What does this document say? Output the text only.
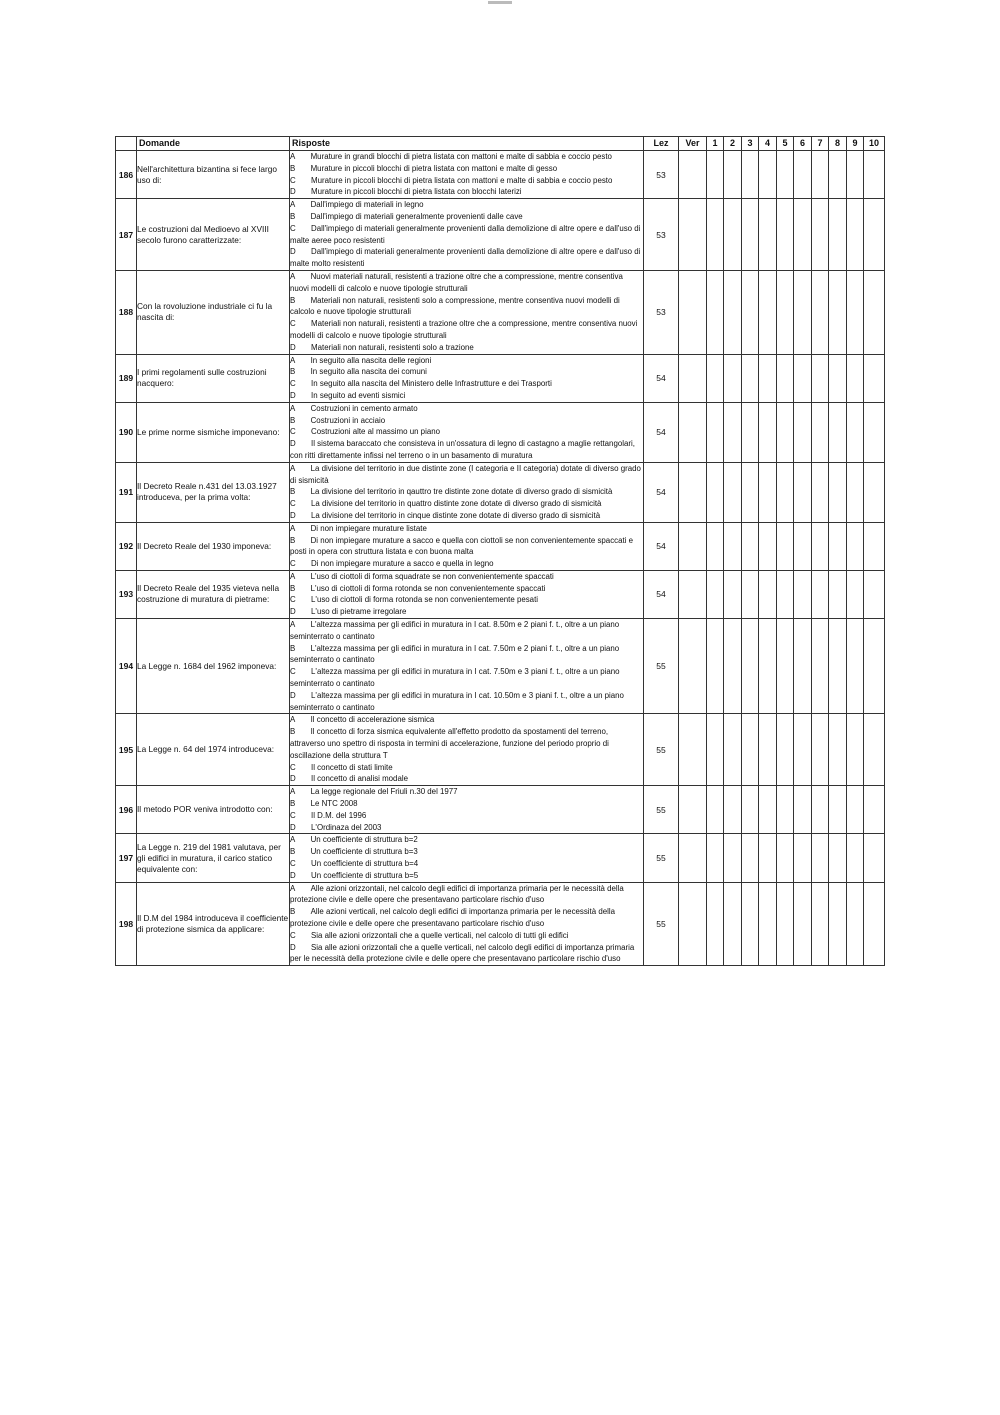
	Domande	Risposte	Lez	Ver	1	2	3	4	5	6	7	8	9	10
186	Nell'architettura bizantina si fece largo uso di:	A       Murature in grandi blocchi di pietra listata con mattoni e malte di sabbia e coccio pesto
B       Murature in piccoli blocchi di pietra listata con mattoni e malte di gesso
C       Murature in piccoli blocchi di pietra listata con mattoni e malte di sabbia e coccio pesto
D       Murature in piccoli blocchi di pietra listata con blocchi laterizi	53											
187	Le costruzioni dal Medioevo al XVIII secolo furono caratterizzate:	A       Dall'impiego di materiali in legno
B       Dall'impiego di materiali generalmente provenienti dalle cave
C       Dall'impiego di materiali generalmente provenienti dalla demolizione di altre opere e dall'uso di malte aeree poco resistenti
D       Dall'impiego di materiali generalmente provenienti dalla demolizione di altre opere e dall'uso di malte molto resistenti	53											
188	Con la rovoluzione industriale ci fu la nascita di:	A       Nuovi materiali naturali, resistenti a trazione oltre che a compressione, mentre consentiva nuovi modelli di calcolo e nuove tipologie strutturali
B       Materiali non naturali, resistenti solo a compressione, mentre consentiva nuovi modelli di calcolo e nuove tipologie strutturali
C       Materiali non naturali, resistenti a trazione oltre che a compressione, mentre consentiva nuovi modelli di calcolo e nuove tipologie strutturali
D       Materiali non naturali, resistenti solo a trazione	53											
189	I primi regolamenti sulle costruzioni nacquero:	A       In seguito alla nascita delle regioni
B       In seguito alla nascita dei comuni
C       In seguito alla nascita del Ministero delle Infrastrutture e dei Trasporti
D       In seguito ad eventi sismici	54											
190	Le prime norme sismiche imponevano:	A       Costruzioni in cemento armato
B       Costruzioni in acciaio
C       Costruzioni alte al massimo un piano
D       Il sistema baraccato che consisteva in un'ossatura di legno di castagno a maglie rettangolari, con ritti direttamente infissi nel terreno o in un basamento di muratura	54											
191	Il Decreto Reale n.431 del 13.03.1927 introduceva, per la prima volta:	A       La divisione del territorio in due distinte zone (I categoria e II categoria) dotate di diverso grado di sismicità
B       La divisione del territorio in qauttro tre distinte zone dotate di diverso grado di sismicità
C       La divisione del territorio in quattro distinte zone dotate di diverso grado di sismicità
D       La divisione del territorio in cinque distinte zone dotate di diverso grado di sismicità	54											
192	Il Decreto Reale del 1930 imponeva:	A       Di non impiegare murature listate
B       Di non impiegare murature a sacco e quella con ciottoli se non convenientemente spaccati e posti in opera con struttura listata e con buona malta
C       Di non impiegare murature a sacco e quella in legno	54											
193	Il Decreto Reale del 1935 vieteva nella costruzione di muratura di pietrame:	A       L'uso di ciottoli di forma squadrate se non convenientemente spaccati
B       L'uso di ciottoli di forma rotonda se non convenientemente spaccati
C       L'uso di ciottoli di forma rotonda se non convenientemente pesati
D       L'uso di pietrame irregolare	54											
194	La Legge n. 1684 del 1962 imponeva:	A       L'altezza massima per gli edifici in muratura in I cat. 8.50m e 2 piani f. t., oltre a un piano seminterrato o cantinato
B       L'altezza massima per gli edifici in muratura in I cat. 7.50m e 2 piani f. t., oltre a un piano seminterrato o cantinato
C       L'altezza massima per gli edifici in muratura in I cat. 7.50m e 3 piani f. t., oltre a un piano seminterrato o cantinato
D       L'altezza massima per gli edifici in muratura in I cat. 10.50m e 3 piani f. t., oltre a un piano seminterrato o cantinato	55											
195	La Legge n. 64 del 1974 introduceva:	A       Il concetto di accelerazione sismica
B       Il concetto di forza sismica equivalente all'effetto prodotto da spostamenti del terreno, attraverso uno spettro di risposta in termini di accelerazione, funzione del periodo proprio di oscillazione della struttura T
C       Il concetto di stati limite
D       Il concetto di analisi modale	55											
196	Il metodo POR veniva introdotto con:	A       La legge regionale del Friuli n.30 del 1977
B       Le NTC 2008
C       Il D.M. del 1996
D       L'Ordinaza del 2003	55											
197	La Legge n. 219 del 1981 valutava, per gli edifici in muratura, il carico statico equivalente con:	A       Un coefficiente di struttura b=2
B       Un coefficiente di struttura b=3
C       Un coefficiente di struttura b=4
D       Un coefficiente di struttura b=5	55											
198	Il D.M del 1984 introduceva il coefficiente di protezione sismica da applicare:	A       Alle azioni orizzontali, nel calcolo degli edifici di importanza primaria per le necessità della protezione civile e delle opere che presentavano particolare rischio d'uso
B       Alle azioni verticali, nel calcolo degli edifici di importanza primaria per le necessità della protezione civile e delle opere che presentavano particolare rischio d'uso
C       Sia alle azioni orizzontali che a quelle verticali, nel calcolo di tutti gli edifici
D       Sia alle azioni orizzontali che a quelle verticali, nel calcolo degli edifici di importanza primaria per le necessità della protezione civile e delle opere che presentavano particolare rischio d'uso	55											
